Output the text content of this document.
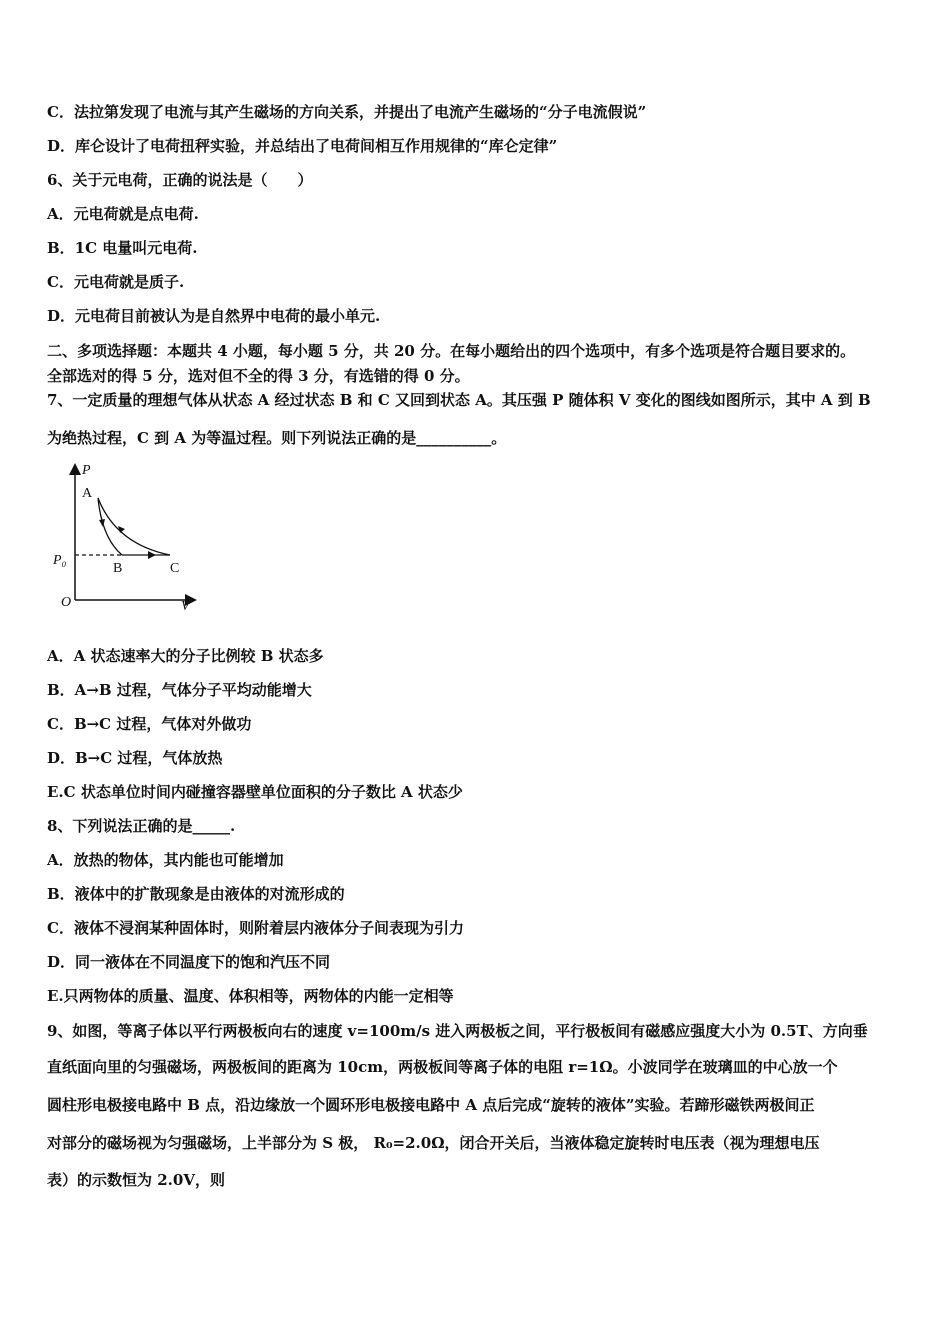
C．法拉第发现了电流与其产生磁场的方向关系，并提出了电流产生磁场的“分子电流假说”
D．库仑设计了电荷扭秤实验，并总结出了电荷间相互作用规律的“库仑定律”
6、关于元电荷，正确的说法是（　　）
A．元电荷就是点电荷.
B．1C 电量叫元电荷.
C．元电荷就是质子.
D．元电荷目前被认为是自然界中电荷的最小单元.
二、多项选择题：本题共 4 小题，每小题 5 分，共 20 分。在每小题给出的四个选项中，有多个选项是符合题目要求的。
全部选对的得 5 分，选对但不全的得 3 分，有选错的得 0 分。
7、一定质量的理想气体从状态 A 经过状态 B 和 C 又回到状态 A。其压强 P 随体积 V 变化的图线如图所示，其中 A 到 B
为绝热过程，C 到 A 为等温过程。则下列说法正确的是__________。
P
V
O
P₀
A
B	C
A．A 状态速率大的分子比例较 B 状态多
B．A→B 过程，气体分子平均动能增大
C．B→C 过程，气体对外做功
D．B→C 过程，气体放热
E.C 状态单位时间内碰撞容器壁单位面积的分子数比 A 状态少
8、下列说法正确的是_____.
A．放热的物体，其内能也可能增加
B．液体中的扩散现象是由液体的对流形成的
C．液体不浸润某种固体时，则附着层内液体分子间表现为引力
D．同一液体在不同温度下的饱和汽压不同
E.只两物体的质量、温度、体积相等，两物体的内能一定相等
9、如图，等离子体以平行两极板向右的速度 v=100m/s 进入两极板之间，平行极板间有磁感应强度大小为 0.5T、方向垂
直纸面向里的匀强磁场，两极板间的距离为 10cm，两极板间等离子体的电阻 r=1Ω。小波同学在玻璃皿的中心放一个
圆柱形电极接电路中 B 点，沿边缘放一个圆环形电极接电路中 A 点后完成“旋转的液体”实验。若蹄形磁铁两极间正
对部分的磁场视为匀强磁场，上半部分为 S 极， R₀=2.0Ω，闭合开关后，当液体稳定旋转时电压表（视为理想电压
表）的示数恒为 2.0V，则
